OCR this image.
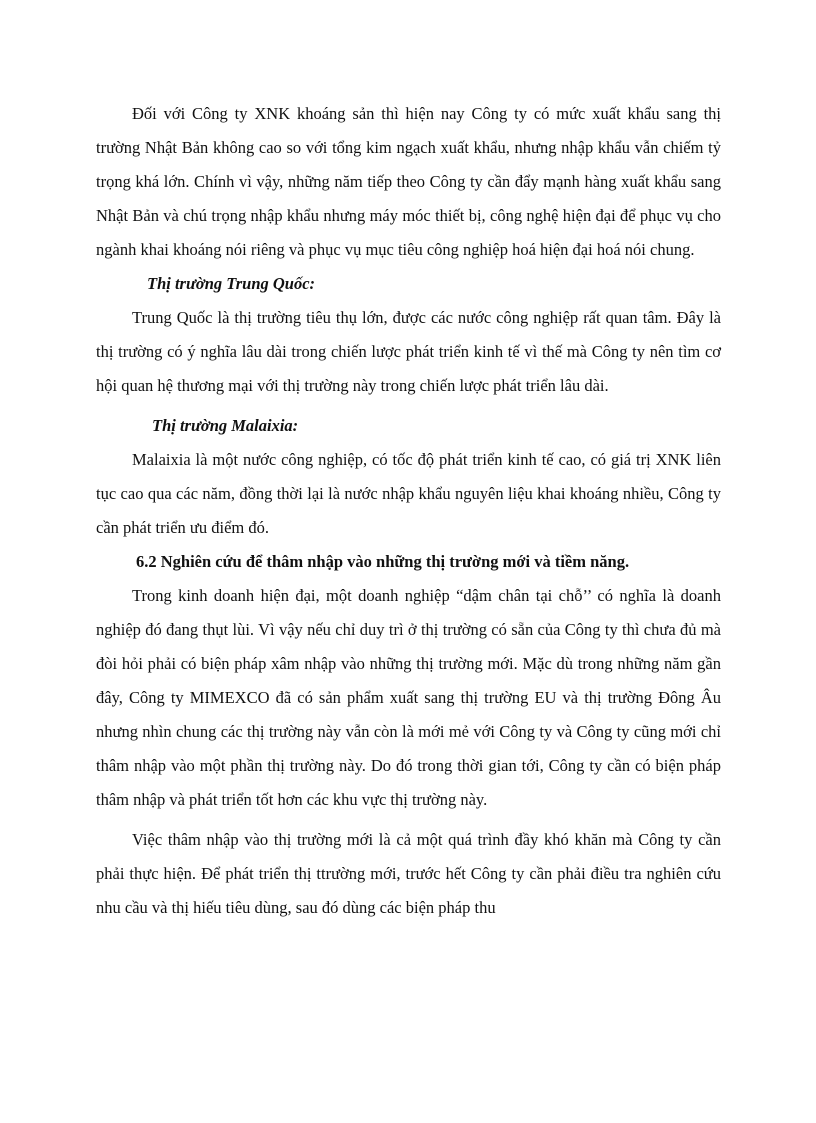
Đối với Công ty XNK khoáng sản thì hiện nay Công ty có mức xuất khẩu sang thị trường Nhật Bản không cao so với tổng kim ngạch xuất khẩu, nhưng nhập khẩu vẫn chiếm tỷ trọng khá lớn. Chính vì vậy, những năm tiếp theo Công ty cần đẩy mạnh hàng xuất khẩu sang Nhật Bản và chú trọng nhập khẩu nhưng máy móc thiết bị, công nghệ hiện đại để phục vụ cho ngành khai khoáng nói riêng và phục vụ mục tiêu công nghiệp hoá hiện đại hoá nói chung.

Thị trường Trung Quốc:

Trung Quốc là thị trường tiêu thụ lớn, được các nước công nghiệp rất quan tâm. Đây là thị trường có ý nghĩa lâu dài trong chiến lược phát triển kinh tế vì thế mà Công ty nên tìm cơ hội quan hệ thương mại với thị trường này trong chiến lược phát triển lâu dài.

Thị trường Malaixia:

Malaixia là một nước công nghiệp, có tốc độ phát triển kinh tế cao, có giá trị XNK liên tục cao qua các năm, đồng thời lại là nước nhập khẩu nguyên liệu khai khoáng nhiều, Công ty cần phát triển ưu điểm đó.

6.2 Nghiên cứu để thâm nhập vào những thị trường mới và tiềm năng.

Trong kinh doanh hiện đại, một doanh nghiệp “dậm chân tại chỗ’’ có nghĩa là doanh nghiệp đó đang thụt lùi. Vì vậy nếu chỉ duy trì ở thị trường có sẵn của Công ty thì chưa đủ mà đòi hỏi phải có biện pháp xâm nhập vào những thị trường mới. Mặc dù trong những năm gần đây, Công ty MIMEXCO đã có sản phẩm xuất sang thị trường EU và thị trường Đông Âu nhưng nhìn chung các thị trường này vẫn còn là mới mẻ với Công ty và Công ty cũng mới chỉ thâm nhập vào một phần thị trường này. Do đó trong thời gian tới, Công ty cần có biện pháp thâm nhập và phát triển tốt hơn các khu vực thị trường này.

Việc thâm nhập vào thị trường mới là cả một quá trình đầy khó khăn mà Công ty cần phải thực hiện. Để phát triển thị ttrường mới, trước hết Công ty cần phải điều tra nghiên cứu nhu cầu và thị hiếu tiêu dùng, sau đó dùng các biện pháp thu
